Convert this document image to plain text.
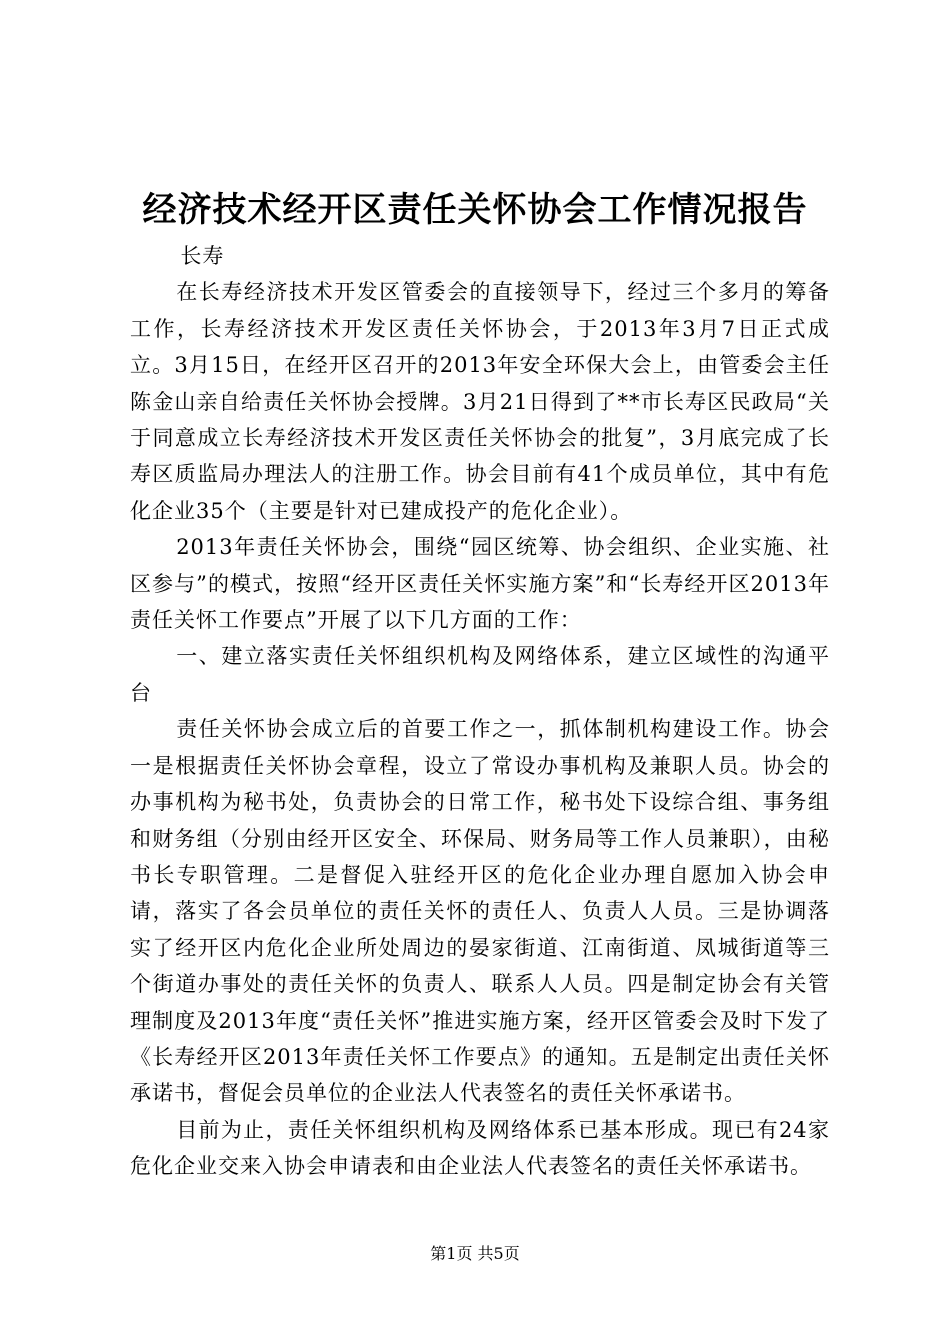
经济技术经开区责任关怀协会工作情况报告

长寿

在长寿经济技术开发区管委会的直接领导下，经过三个多月的筹备工作，长寿经济技术开发区责任关怀协会，于2013年3月7日正式成立。3月15日，在经开区召开的2013年安全环保大会上，由管委会主任陈金山亲自给责任关怀协会授牌。3月21日得到了**市长寿区民政局“关于同意成立长寿经济技术开发区责任关怀协会的批复”，3月底完成了长寿区质监局办理法人的注册工作。协会目前有41个成员单位，其中有危化企业35个（主要是针对已建成投产的危化企业）。

2013年责任关怀协会，围绕“园区统筹、协会组织、企业实施、社区参与”的模式，按照“经开区责任关怀实施方案”和“长寿经开区2013年责任关怀工作要点”开展了以下几方面的工作：

一、建立落实责任关怀组织机构及网络体系，建立区域性的沟通平台

责任关怀协会成立后的首要工作之一，抓体制机构建设工作。协会一是根据责任关怀协会章程，设立了常设办事机构及兼职人员。协会的办事机构为秘书处，负责协会的日常工作，秘书处下设综合组、事务组和财务组（分别由经开区安全、环保局、财务局等工作人员兼职），由秘书长专职管理。二是督促入驻经开区的危化企业办理自愿加入协会申请，落实了各会员单位的责任关怀的责任人、负责人人员。三是协调落实了经开区内危化企业所处周边的晏家街道、江南街道、凤城街道等三个街道办事处的责任关怀的负责人、联系人人员。四是制定协会有关管理制度及2013年度“责任关怀”推进实施方案，经开区管委会及时下发了《长寿经开区2013年责任关怀工作要点》的通知。五是制定出责任关怀承诺书，督促会员单位的企业法人代表签名的责任关怀承诺书。

目前为止，责任关怀组织机构及网络体系已基本形成。现已有24家危化企业交来入协会申请表和由企业法人代表签名的责任关怀承诺书。

第1页 共5页
